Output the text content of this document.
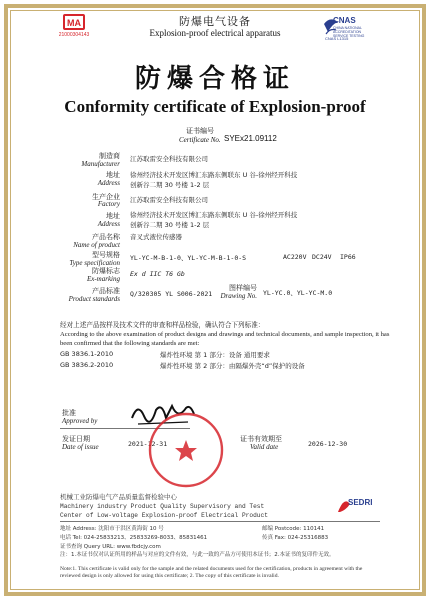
MA
21000304143
CNAS
CHINA NATIONAL ACCREDITATION SERVICE TESTING
CNAS L1315
防爆电气设备
Explosion-proof electrical apparatus
防爆合格证
Conformity certificate of Explosion-proof
证书编号
Certificate No. SYEx21.09112
制造商
Manufacturer
江苏取雷安全科技有限公司
地址
Address
徐州经济技术开发区博汇东路东侧联东 U 谷-徐州经开科技
创新谷二期 30 号楼 1-2 层
生产企业
Factory 江苏取雷安全科技有限公司
地址
Address
徐州经济技术开发区博汇东路东侧联东 U 谷-徐州经开科技
创新谷二期 30 号楼 1-2 层
产品名称
Name of product
音叉式液位传感器
型号规格
Type specification
YL-YC-M-B-1-0、YL-YC-M-B-1-0-S	AC220V DC24V IP66
防爆标志
Ex-marking
Ex d IIC T6 Gb
产品标准
Product standards
Q/320305 YL S006-2021
图样编号
Drawing No. YL-YC.0、YL-YC-M.0
经对上述产品按样及技术文件的审查和样品检验，确认符合下列标准：
According to the above examination of product designs and drawings and technical documents, and sample inspection, it has been confirmed that the following standards are met:
GB 3836.1-2010	爆炸性环境 第 1 部分：设备 通用要求
GB 3836.2-2010	爆炸性环境 第 2 部分：由隔爆外壳“d”保护的设备
批准
Approved by
发证日期
Date of issue	2021-12-31
证书有效期至
Valid date	2026-12-30
机械工业防爆电气产品质量监督检验中心
Machinery industry Product Quality Supervisory and Test
Center of Low-voltage Explosion-proof Electrical Product
SEDRI
地址 Address: 沈阳市于洪区黄海街 10 号	邮编 Postcode: 110141
电话 Tel: 024-25833213、25833269-8033、85831461	传真 Fax: 024-25316883
证书查询 Query URL: www.fbdcjy.com
注：1.本证书仅对认证所用的样品与对应的文件有效，与此一致的产品方可使用本证书；2.本证书的复印件无效。
Note:1. This certificate is valid only for the sample and the related documents used for the certification, products in agreement with the reviewed design is only allowed for using this certificate; 2. The copy of this certificate is invalid.
